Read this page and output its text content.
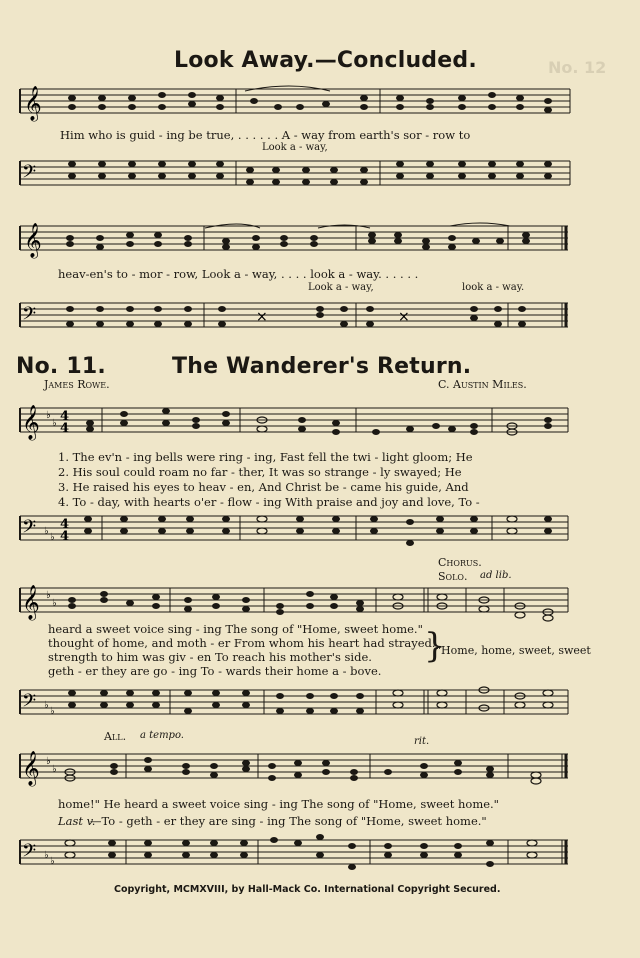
No. 12
Look Away.—Concluded.
𝄞
Him who is guid - ing be true, . . . . . . A - way from earth's sor - row to
Look a - way,
𝄢
𝄞
heav-en's to - mor - row, Look a - way, . . . . look a - way. . . . . .
Look a - way,	look a - way.
𝄢	×	×
No. 11.	The Wanderer's Return.
James Rowe.	C. Austin Miles.
𝄞 ♭
♭ 4
4
1. The ev'n - ing bells were ring - ing, Fast fell the twi - light gloom; He
2. His soul could roam no far - ther, It was so strange - ly swayed; He
3. He raised his eyes to heav - en, And Christ be - came his guide, And
4. To - day, with hearts o'er - flow - ing With praise and joy and love, To -
𝄢 ♭
♭
4
4
Chorus.
Solo. ad lib.
𝄞 ♭
♭
heard a sweet voice sing - ing The song of "Home, sweet home."
thought of home, and moth - er From whom his heart had strayed.
strength to him was giv - en To reach his mother's side.
geth - er they are go - ing To - wards their home a - bove.
}
"Home, home, sweet, sweet
𝄢 ♭
♭
All. a tempo.
rit.
𝄞 ♭
♭
home!" He heard a sweet voice sing - ing The song of "Home, sweet home."
Last v.
—To - geth - er they are sing - ing The song of "Home, sweet home."
𝄢 ♭
♭
Copyright, MCMXVIII, by Hall-Mack Co. International Copyright Secured.
